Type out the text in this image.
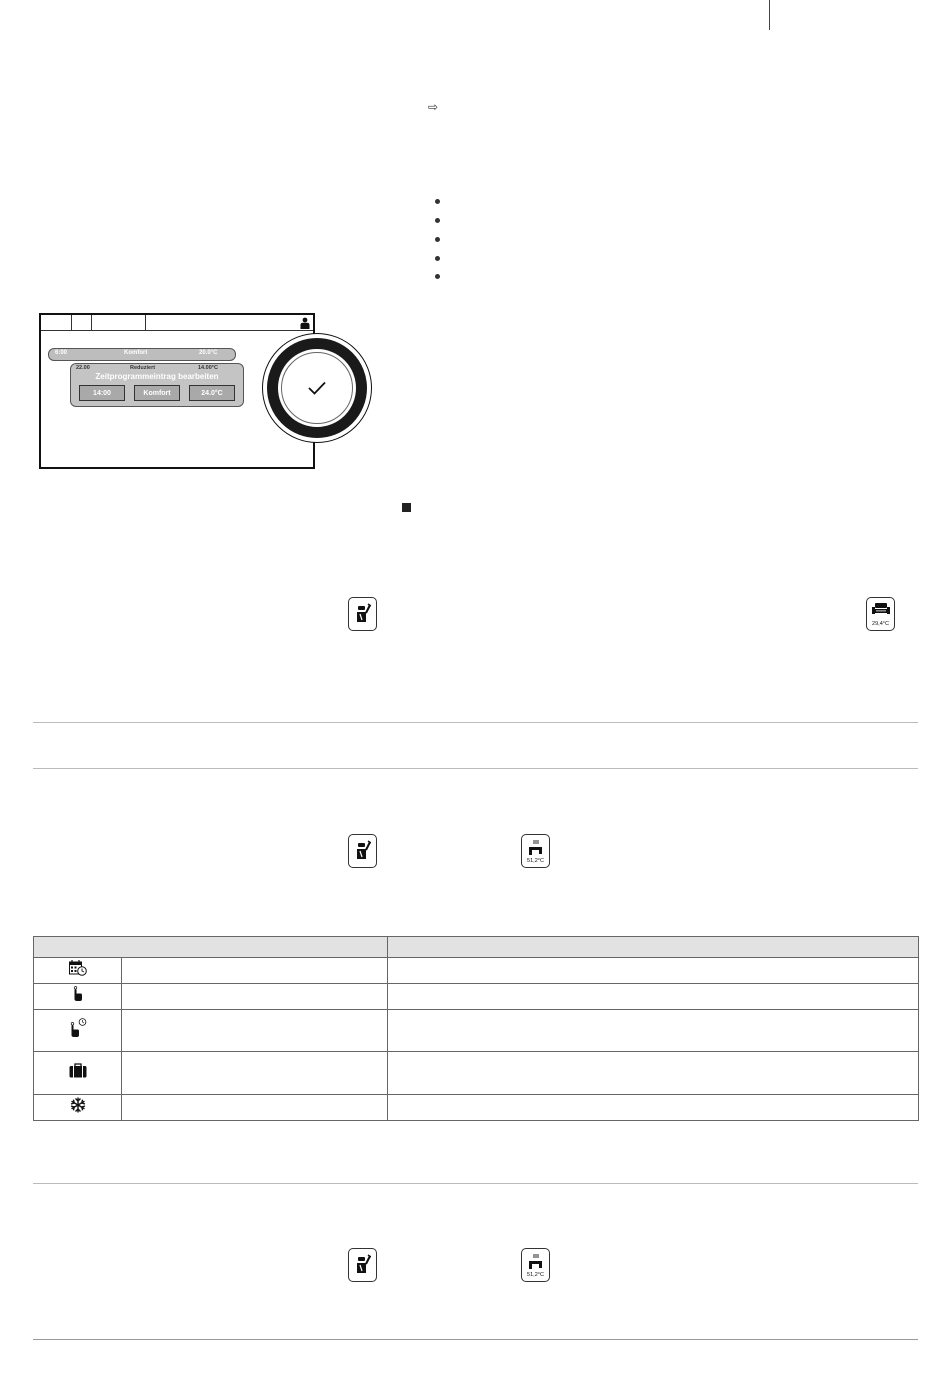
⇨
6:00	Komfort	20.0°C
22.00	Reduziert	14.00°C
Zeitprogrammeintrag bearbeiten
14:00	Komfort	24.0°C
29,4°C
51,2°C

51,2°C
